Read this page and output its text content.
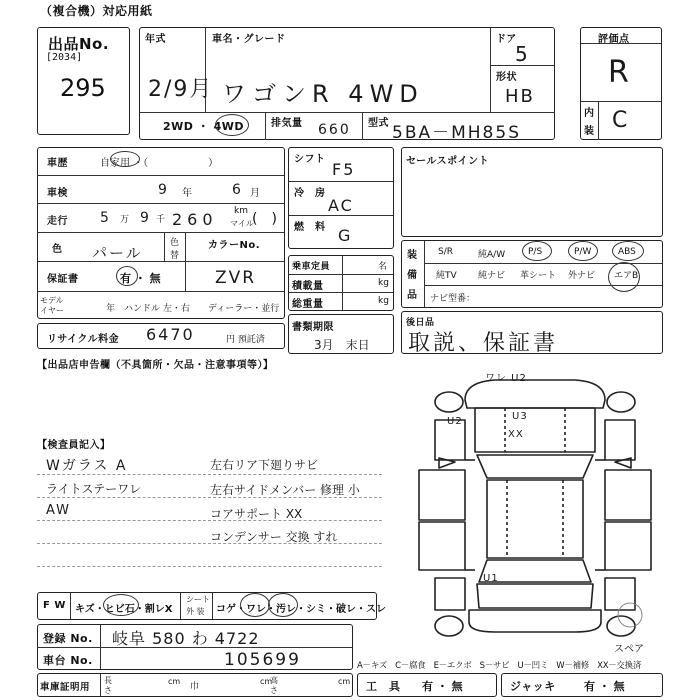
（複合機）対応用紙
出品No.
[2034]
295
年式
2/9月
車名・グレード
ワゴンR 4WD
ドア
5
形状
HB
2WD ・ 4WD	排気量 660 型式 5BA－MH85S
評価点
R
内
装 C
車歴	自家用 ・（　　　　　　）
車検	9 年	6 月
走行 5 万 9 千 260 km
マイル
(　)
色 パール
色
替
カラーNo.
ZVR
保証書	有 ・ 無
モデル
イヤー	年 ハンドル 左・右 ディーラー・並行
リサイクル料金 6470	円 預託済
シフト
F5
冷　房
AC
燃　料 G
乗車定員	名
積載量	kg
総重量	kg
書類期限
3月　末日
セールスポイント
装
備
品
S/R	純A/W	P/S	P/W	ABS
純TV 純ナビ 革シート 外ナビ エアB
ナビ型番：
後日品
取説、保証書
【出品店申告欄（不具箇所・欠品・注意事項等）】
【検査員記入】
Wガラス A
ライトステーワレ
AW
左右リア下廻りサビ
左右サイドメンバー 修理 小
コアサポート XX
コンデンサー 交換 すれ
ワレ U2
U2	U3
XX
U1
スペア
A－キズ　C－腐食　E－エクボ　S－サビ　U－凹ミ　W－補修　XX－交換済
F W キズ・ヒビ石・割レX
シート
外 装 コゲ・ワレ・汚レ・シミ・破レ・スレ
登録 No. 岐阜 580 わ 4722
車台 No.	105699
車庫証明用
長
さ
cm
巾
cm
高
さ
cm 工　具 有 ・ 無	ジャッキ	有 ・ 無
